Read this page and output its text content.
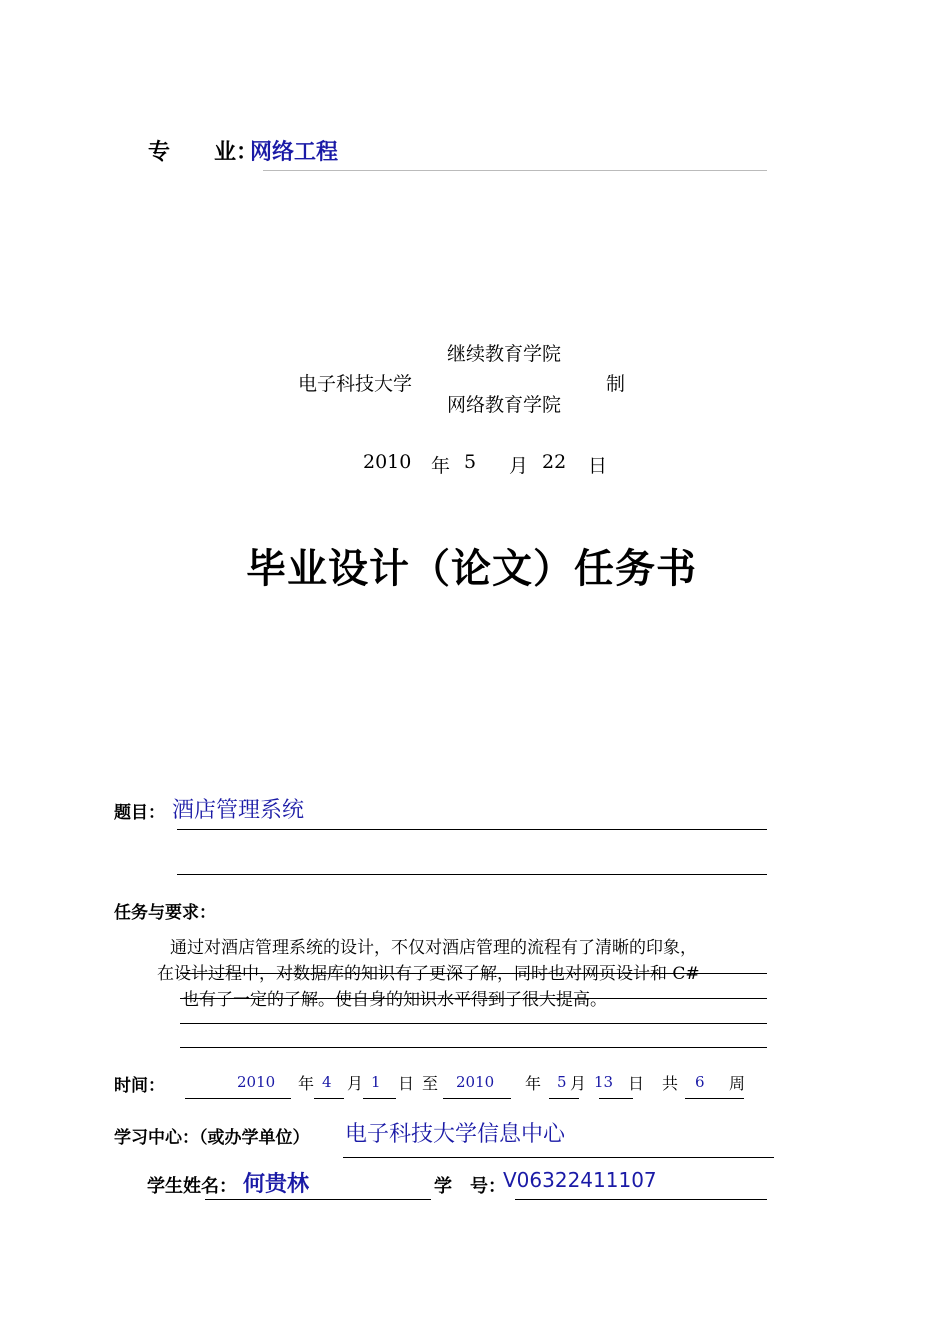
专　　业：
网络工程
电子科技大学
继续教育学院
网络教育学院
制
2010 年 5 月 22 日
毕业设计（论文）任务书
题目： 酒店管理系统
任务与要求：
通过对酒店管理系统的设计，不仅对酒店管理的流程有了清晰的印象，
在设计过程中，对数据库的知识有了更深了解，同时也对网页设计和 C#
也有了一定的了解。使自身的知识水平得到了很大提高。
时间：	2010 年 4 月 1 日 至 2010 年 5 月 13 日 共 6 周
学习中心：（或办学单位） 电子科技大学信息中心
学生姓名： 何贵林	学　号：
V06322411107
